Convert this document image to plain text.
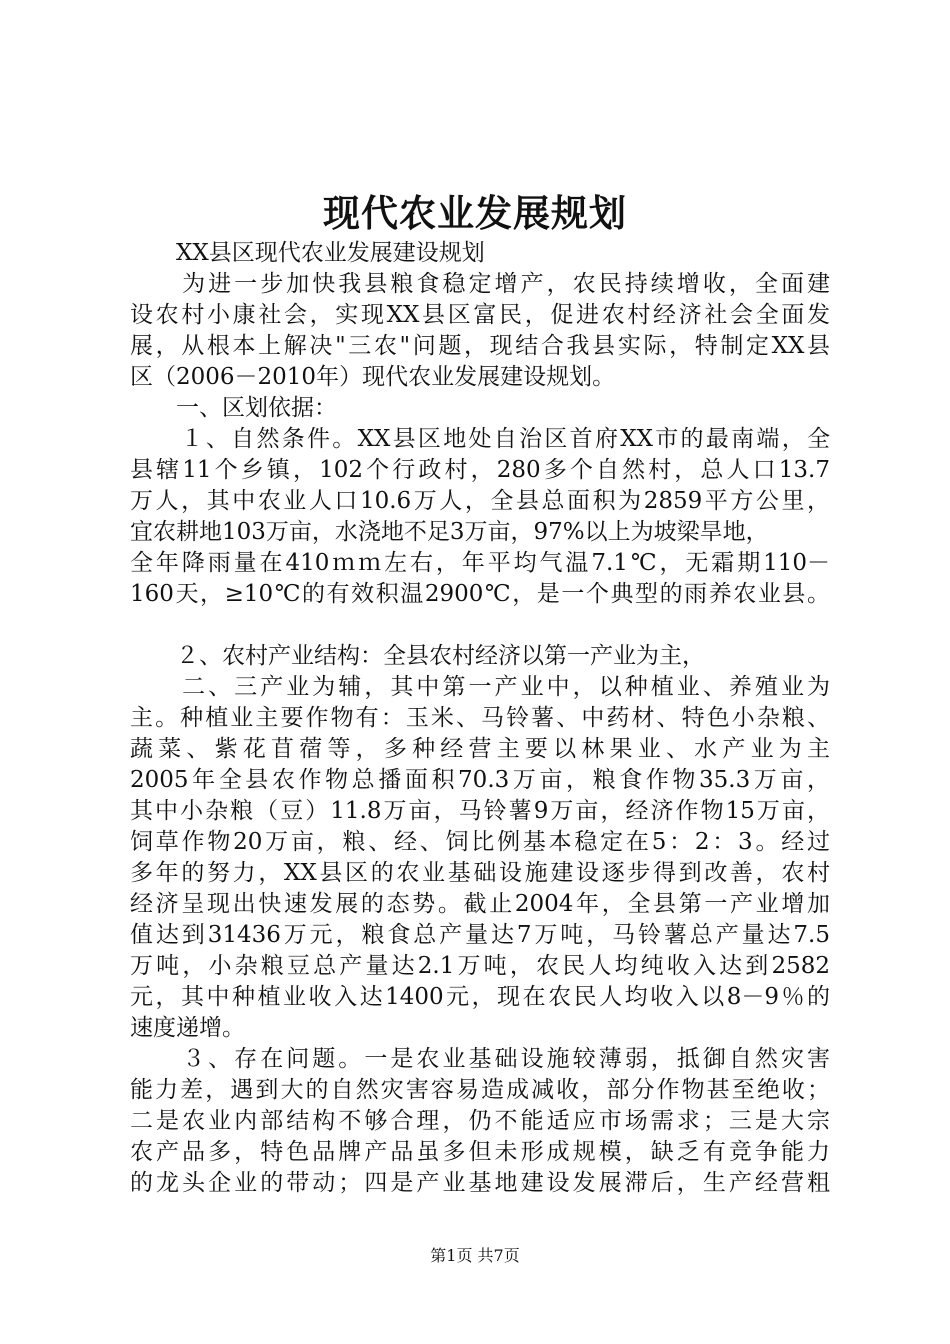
现代农业发展规划
　　XX县区现代农业发展建设规划
　　为进一步加快我县粮食稳定增产，农民持续增收，全面建
设农村小康社会，实现XX县区富民，促进农村经济社会全面发
展，从根本上解决"三农"问题，现结合我县实际，特制定XX县
区（2006－2010年）现代农业发展建设规划。
　　一、区划依据：
　　１、自然条件。XX县区地处自治区首府XX市的最南端，全
县辖11个乡镇，102个行政村，280多个自然村，总人口13.7
万人，其中农业人口10.6万人，全县总面积为2859平方公里，
宜农耕地103万亩，水浇地不足3万亩，97%以上为坡梁旱地，
全年降雨量在410ｍｍ左右，年平均气温7.1℃，无霜期110－
160天，≥10℃的有效积温2900℃，是一个典型的雨养农业县。
　　２、农村产业结构：全县农村经济以第一产业为主，
　　二、三产业为辅，其中第一产业中，以种植业、养殖业为
主。种植业主要作物有：玉米、马铃薯、中药材、特色小杂粮、
蔬菜、紫花苜蓿等，多种经营主要以林果业、水产业为主
2005年全县农作物总播面积70.3万亩，粮食作物35.3万亩，
其中小杂粮（豆）11.8万亩，马铃薯9万亩，经济作物15万亩，
饲草作物20万亩，粮、经、饲比例基本稳定在5：2：3。经过
多年的努力，XX县区的农业基础设施建设逐步得到改善，农村
经济呈现出快速发展的态势。截止2004年，全县第一产业增加
值达到31436万元，粮食总产量达7万吨，马铃薯总产量达7.5
万吨，小杂粮豆总产量达2.1万吨，农民人均纯收入达到2582
元，其中种植业收入达1400元，现在农民人均收入以8－9％的
速度递增。
　　３、存在问题。一是农业基础设施较薄弱，抵御自然灾害
能力差，遇到大的自然灾害容易造成减收，部分作物甚至绝收；
二是农业内部结构不够合理，仍不能适应市场需求；三是大宗
农产品多，特色品牌产品虽多但未形成规模，缺乏有竞争能力
的龙头企业的带动；四是产业基地建设发展滞后，生产经营粗
第1页 共7页
